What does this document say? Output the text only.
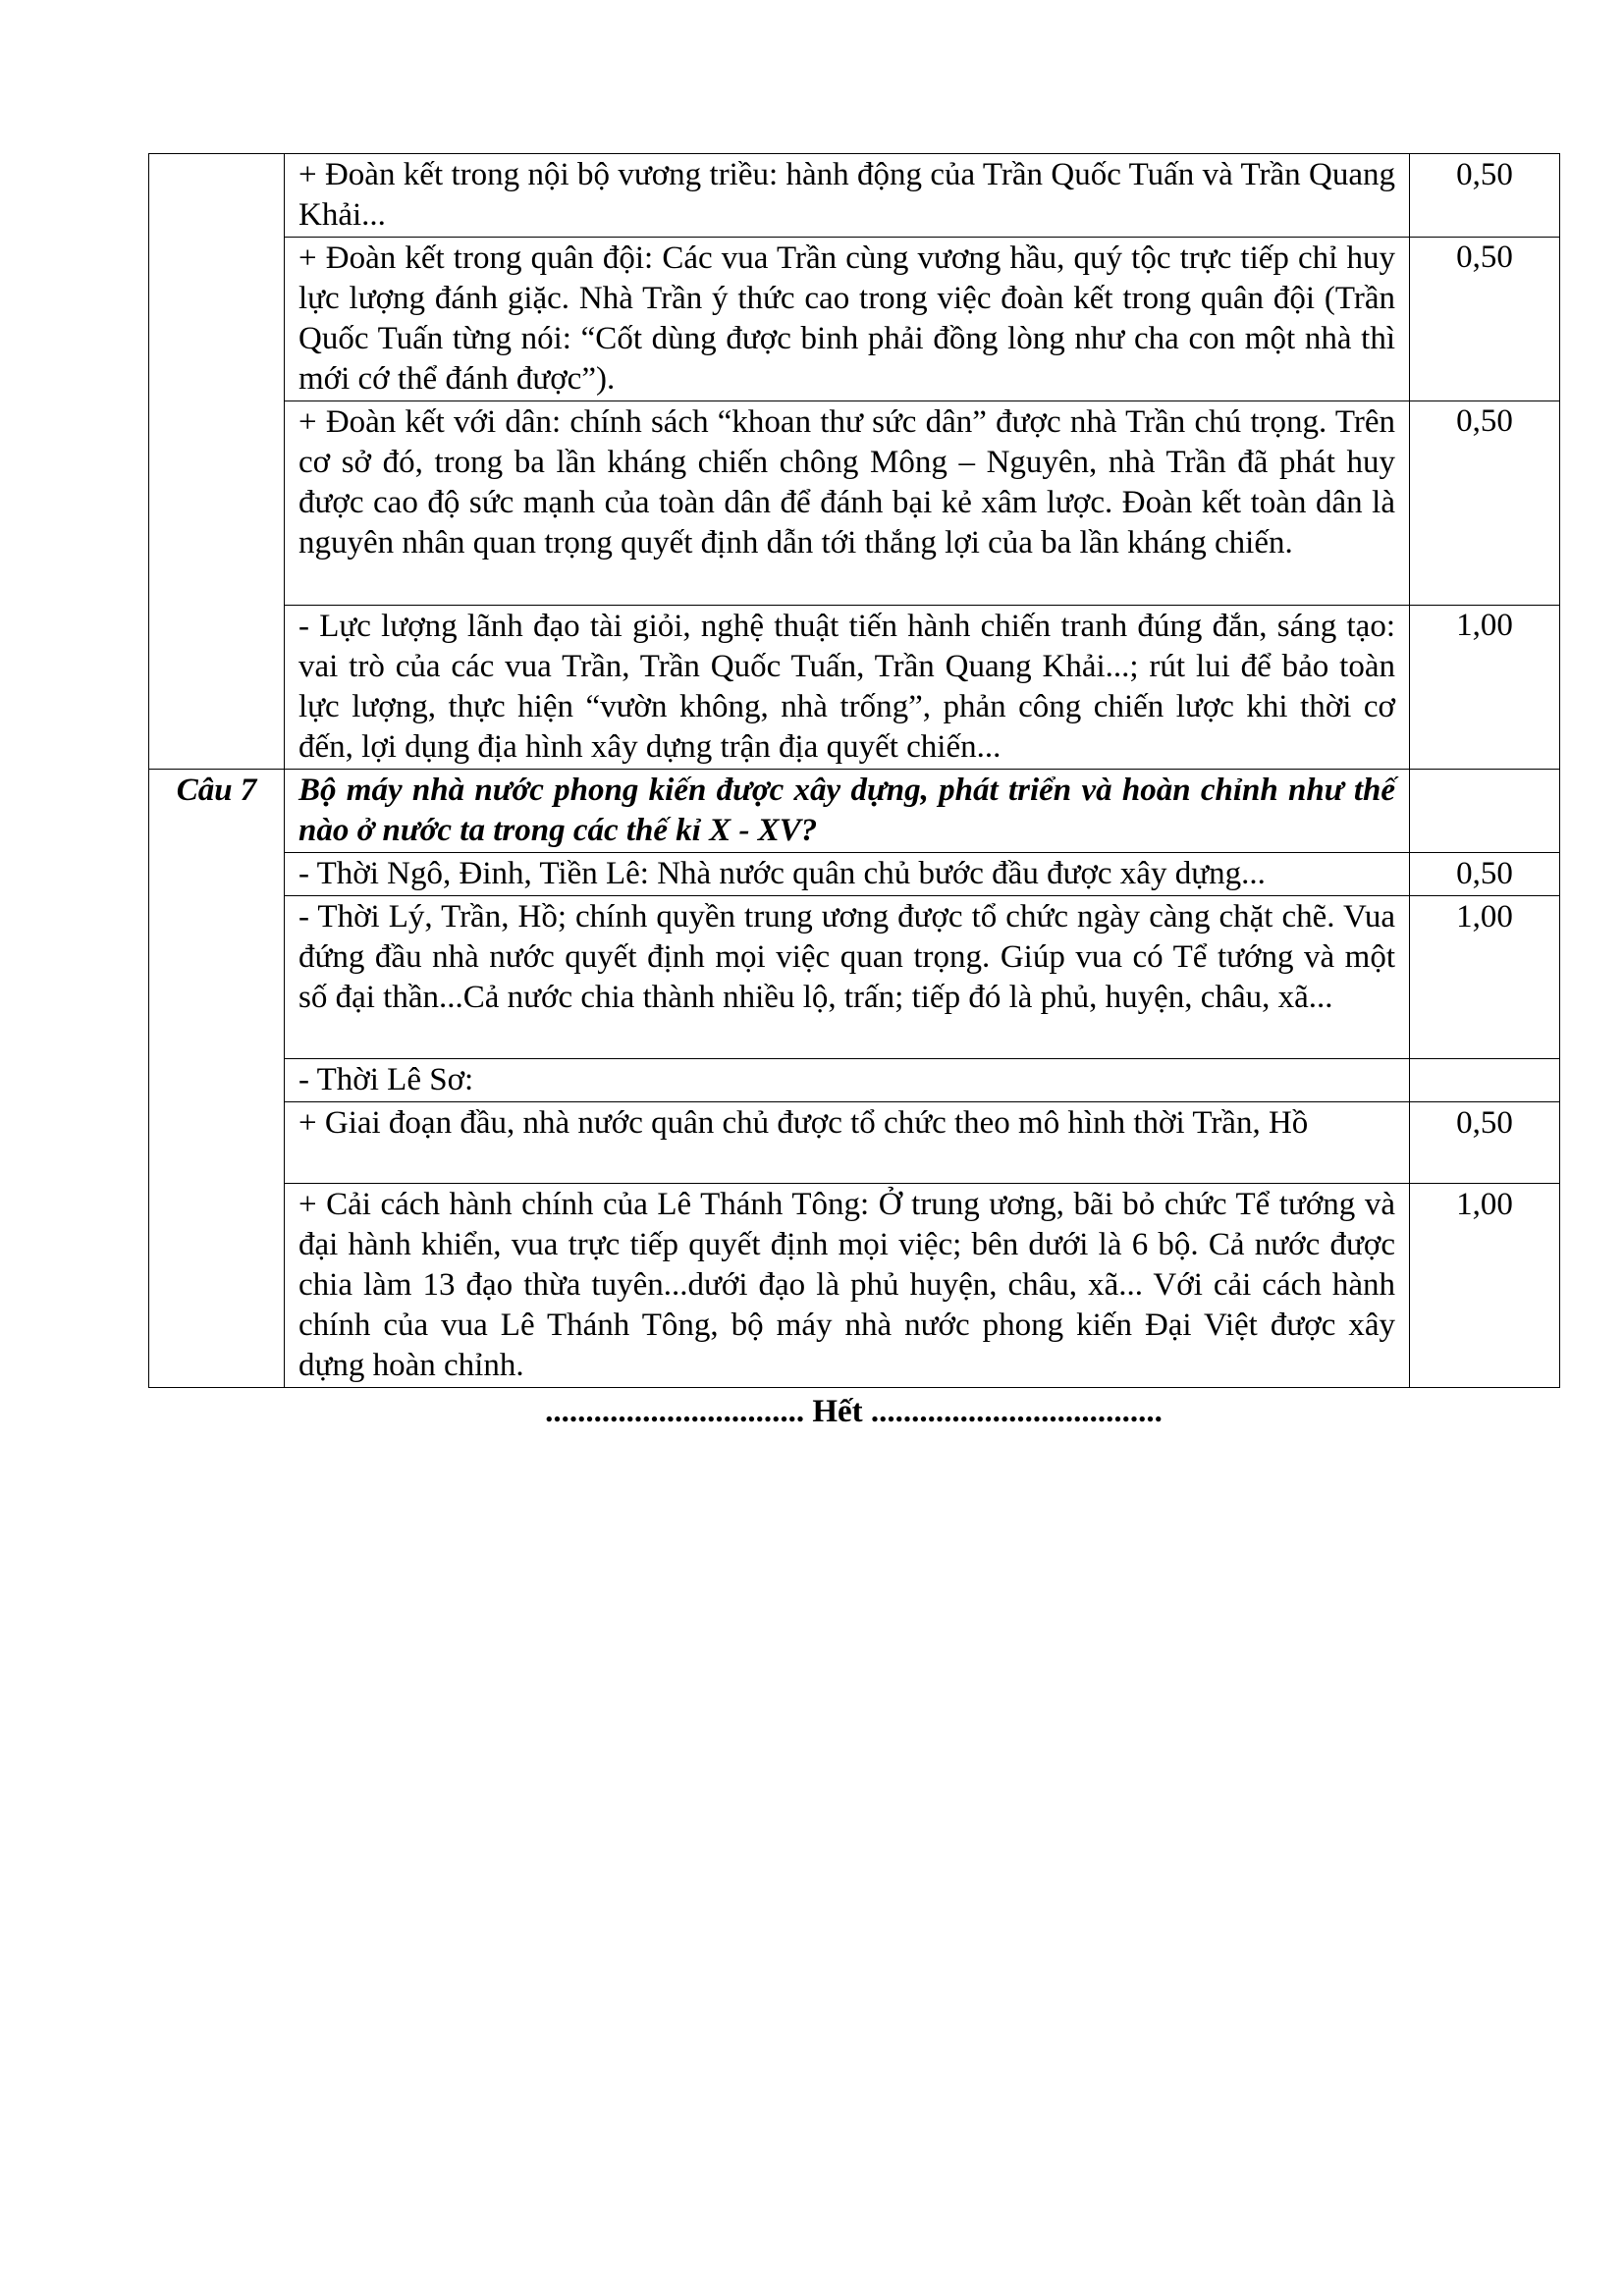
	+ Đoàn kết trong nội bộ vương triều: hành động của Trần Quốc Tuấn và Trần Quang Khải...	0,50
	+ Đoàn kết trong quân đội: Các vua Trần cùng vương hầu, quý tộc trực tiếp chỉ huy lực lượng đánh giặc. Nhà Trần ý thức cao trong việc đoàn kết trong quân đội (Trần Quốc Tuấn từng nói: “Cốt dùng được binh phải đồng lòng như cha con một nhà thì mới cớ thể đánh được”).	0,50
	+ Đoàn kết với dân: chính sách “khoan thư sức dân” được nhà Trần chú trọng. Trên cơ sở đó, trong ba lần kháng chiến chông Mông – Nguyên, nhà Trần đã phát huy được cao độ sức mạnh của toàn dân để đánh bại kẻ xâm lược. Đoàn kết toàn dân là nguyên nhân quan trọng quyết định dẫn tới thắng lợi của ba lần kháng chiến.	0,50
	- Lực lượng lãnh đạo tài giỏi, nghệ thuật tiến hành chiến tranh đúng đắn, sáng tạo: vai trò của các vua Trần, Trần Quốc Tuấn, Trần Quang Khải...; rút lui để bảo toàn lực lượng, thực hiện “vườn không, nhà trống”, phản công chiến lược khi thời cơ đến, lợi dụng địa hình xây dựng trận địa quyết chiến...	1,00
Câu 7	Bộ máy nhà nước phong kiến được xây dựng, phát triển và hoàn chỉnh như thế nào ở nước ta trong các thế kỉ X - XV?	
	- Thời Ngô, Đinh, Tiền Lê: Nhà nước quân chủ bước đầu được xây dựng...	0,50
	- Thời Lý, Trần, Hồ; chính quyền trung ương được tổ chức ngày càng chặt chẽ. Vua đứng đầu nhà nước quyết định mọi việc quan trọng. Giúp vua có Tể tướng và một số đại thần...Cả nước chia thành nhiều lộ, trấn; tiếp đó là phủ, huyện, châu, xã...	1,00
	- Thời Lê Sơ:	
	+ Giai đoạn đầu, nhà nước quân chủ được tổ chức theo mô hình thời Trần, Hồ	0,50
	+ Cải cách hành chính của Lê Thánh Tông: Ở trung ương, bãi bỏ chức Tể tướng và đại hành khiển, vua trực tiếp quyết định mọi việc; bên dưới là 6 bộ. Cả nước được chia làm 13 đạo thừa tuyên...dưới đạo là phủ huyện, châu, xã... Với cải cách hành chính của vua Lê Thánh Tông, bộ máy nhà nước phong kiến Đại Việt được xây dựng hoàn chỉnh.	1,00
................................ Hết ....................................
